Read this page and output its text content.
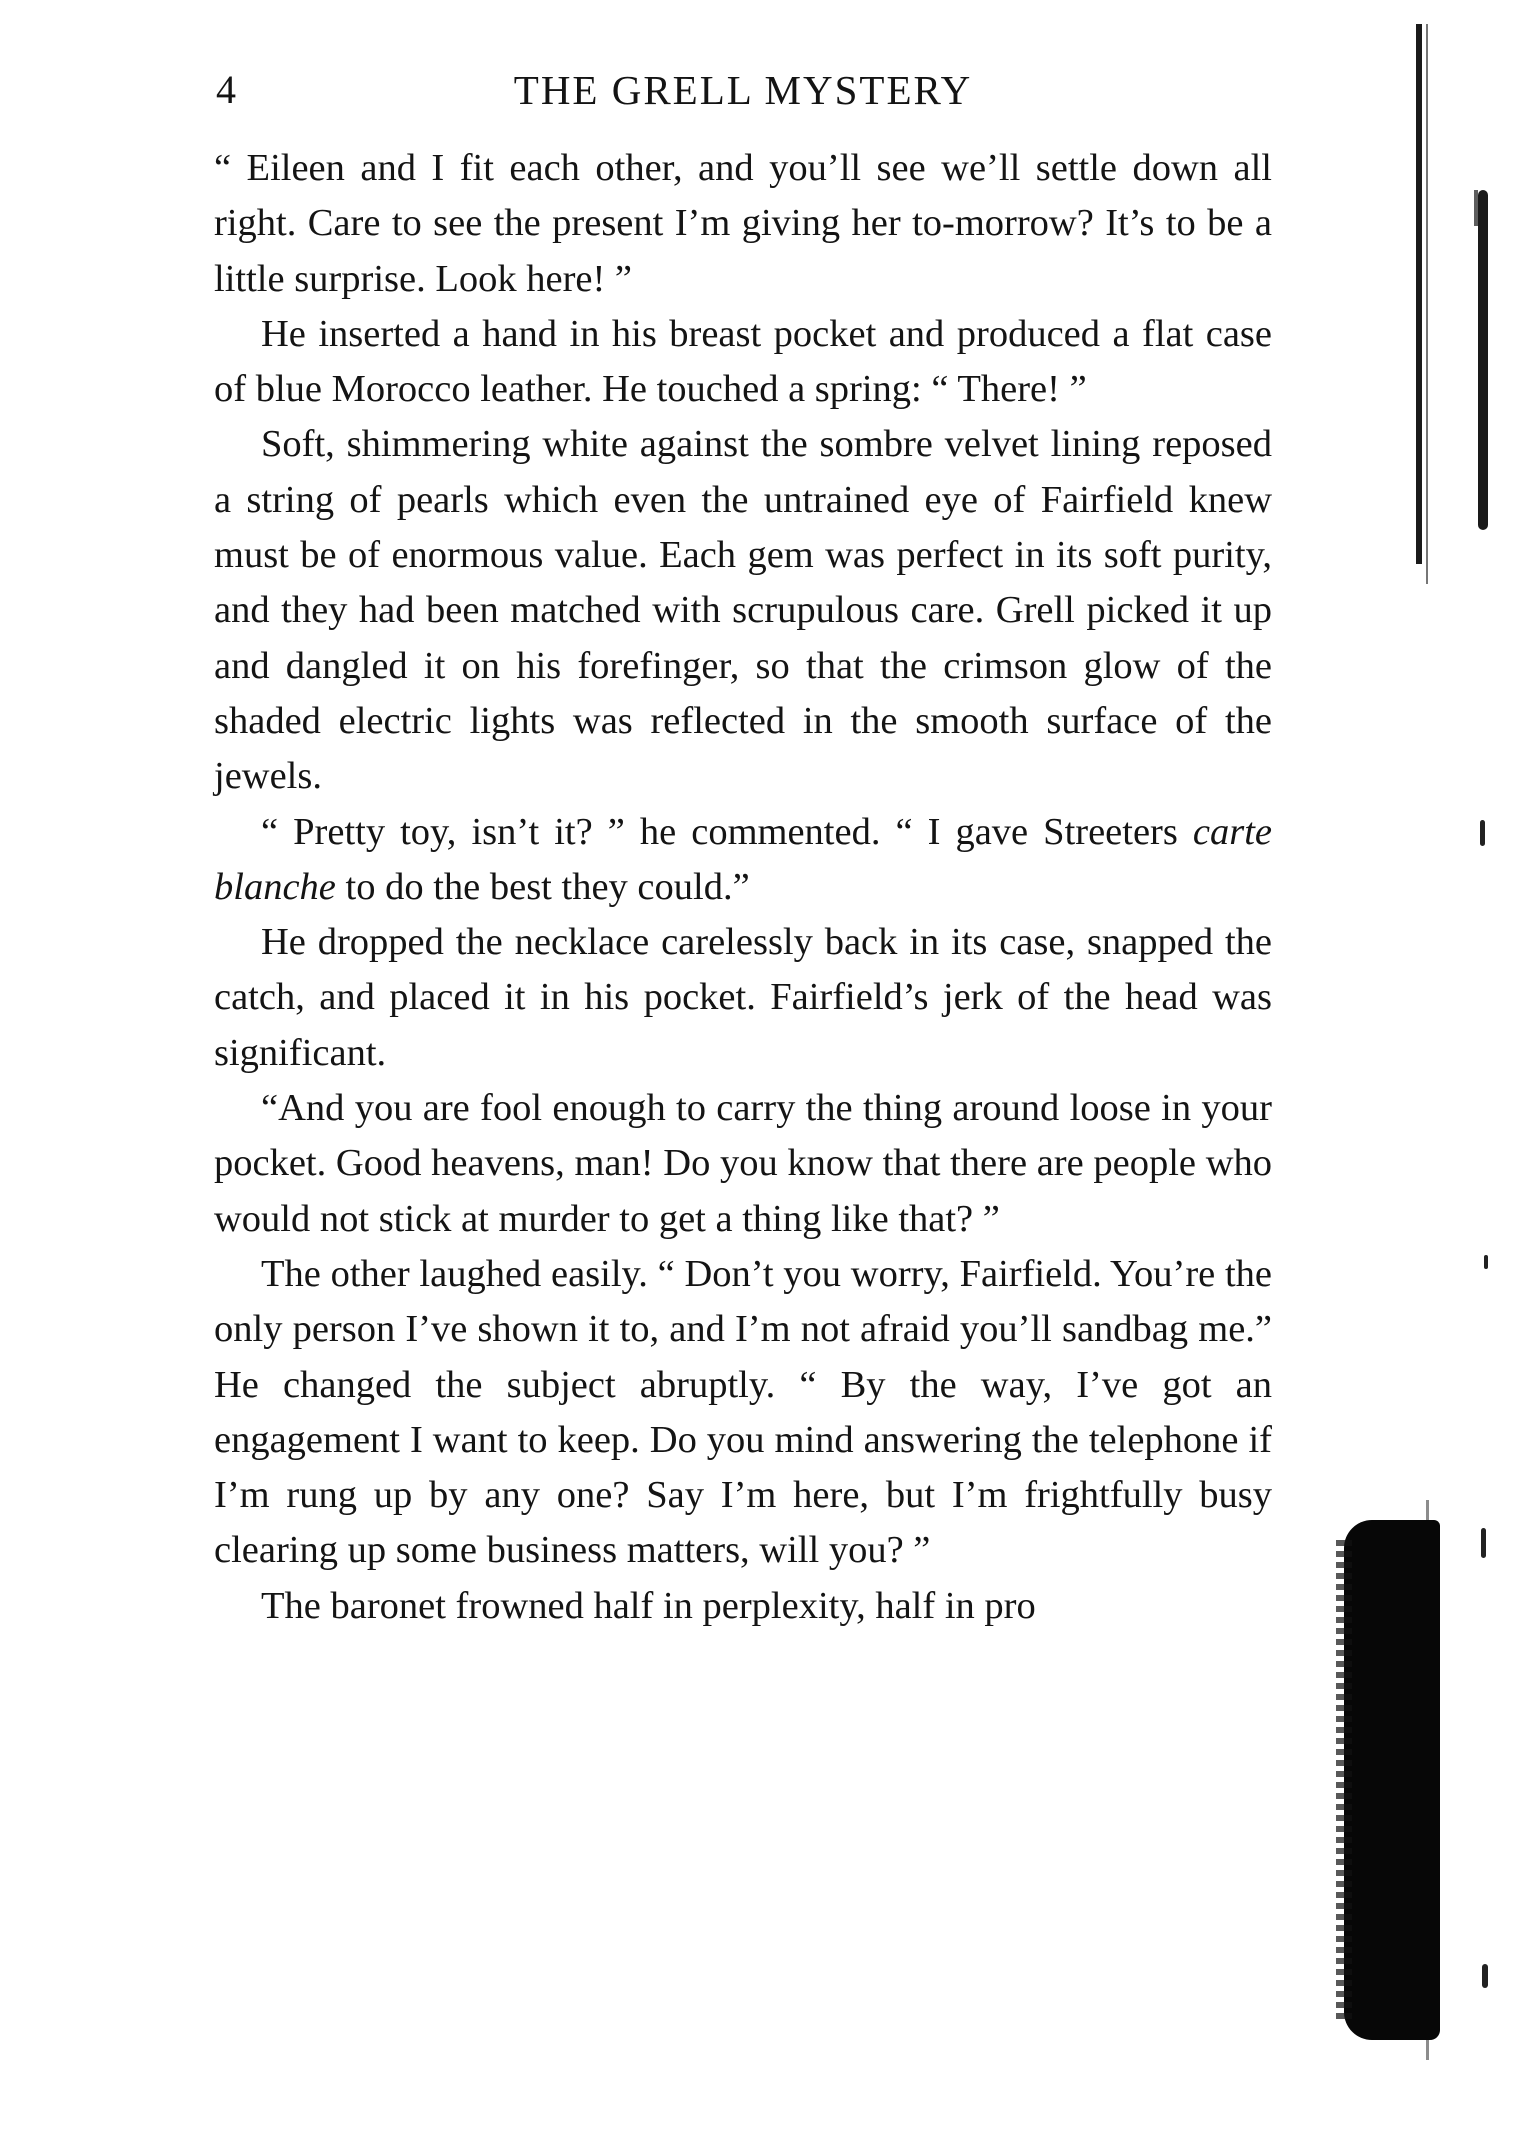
4	THE GRELL MYSTERY

“ Eileen and I fit each other, and you’ll see we’ll settle down all right. Care to see the present I’m giving her to-morrow? It’s to be a little surprise. Look here! ”

He inserted a hand in his breast pocket and produced a flat case of blue Morocco leather. He touched a spring: “ There! ”

Soft, shimmering white against the sombre velvet lining reposed a string of pearls which even the untrained eye of Fairfield knew must be of enormous value. Each gem was perfect in its soft purity, and they had been matched with scrupulous care. Grell picked it up and dangled it on his forefinger, so that the crimson glow of the shaded electric lights was reflected in the smooth surface of the jewels.

“ Pretty toy, isn’t it? ” he commented. “ I gave Streeters carte blanche to do the best they could.”

He dropped the necklace carelessly back in its case, snapped the catch, and placed it in his pocket. Fairfield’s jerk of the head was significant.

“And you are fool enough to carry the thing around loose in your pocket. Good heavens, man! Do you know that there are people who would not stick at murder to get a thing like that? ”

The other laughed easily. “ Don’t you worry, Fairfield. You’re the only person I’ve shown it to, and I’m not afraid you’ll sandbag me.” He changed the subject abruptly. “ By the way, I’ve got an engagement I want to keep. Do you mind answering the telephone if I’m rung up by any one? Say I’m here, but I’m frightfully busy clearing up some business matters, will you? ”

The baronet frowned half in perplexity, half in pro
